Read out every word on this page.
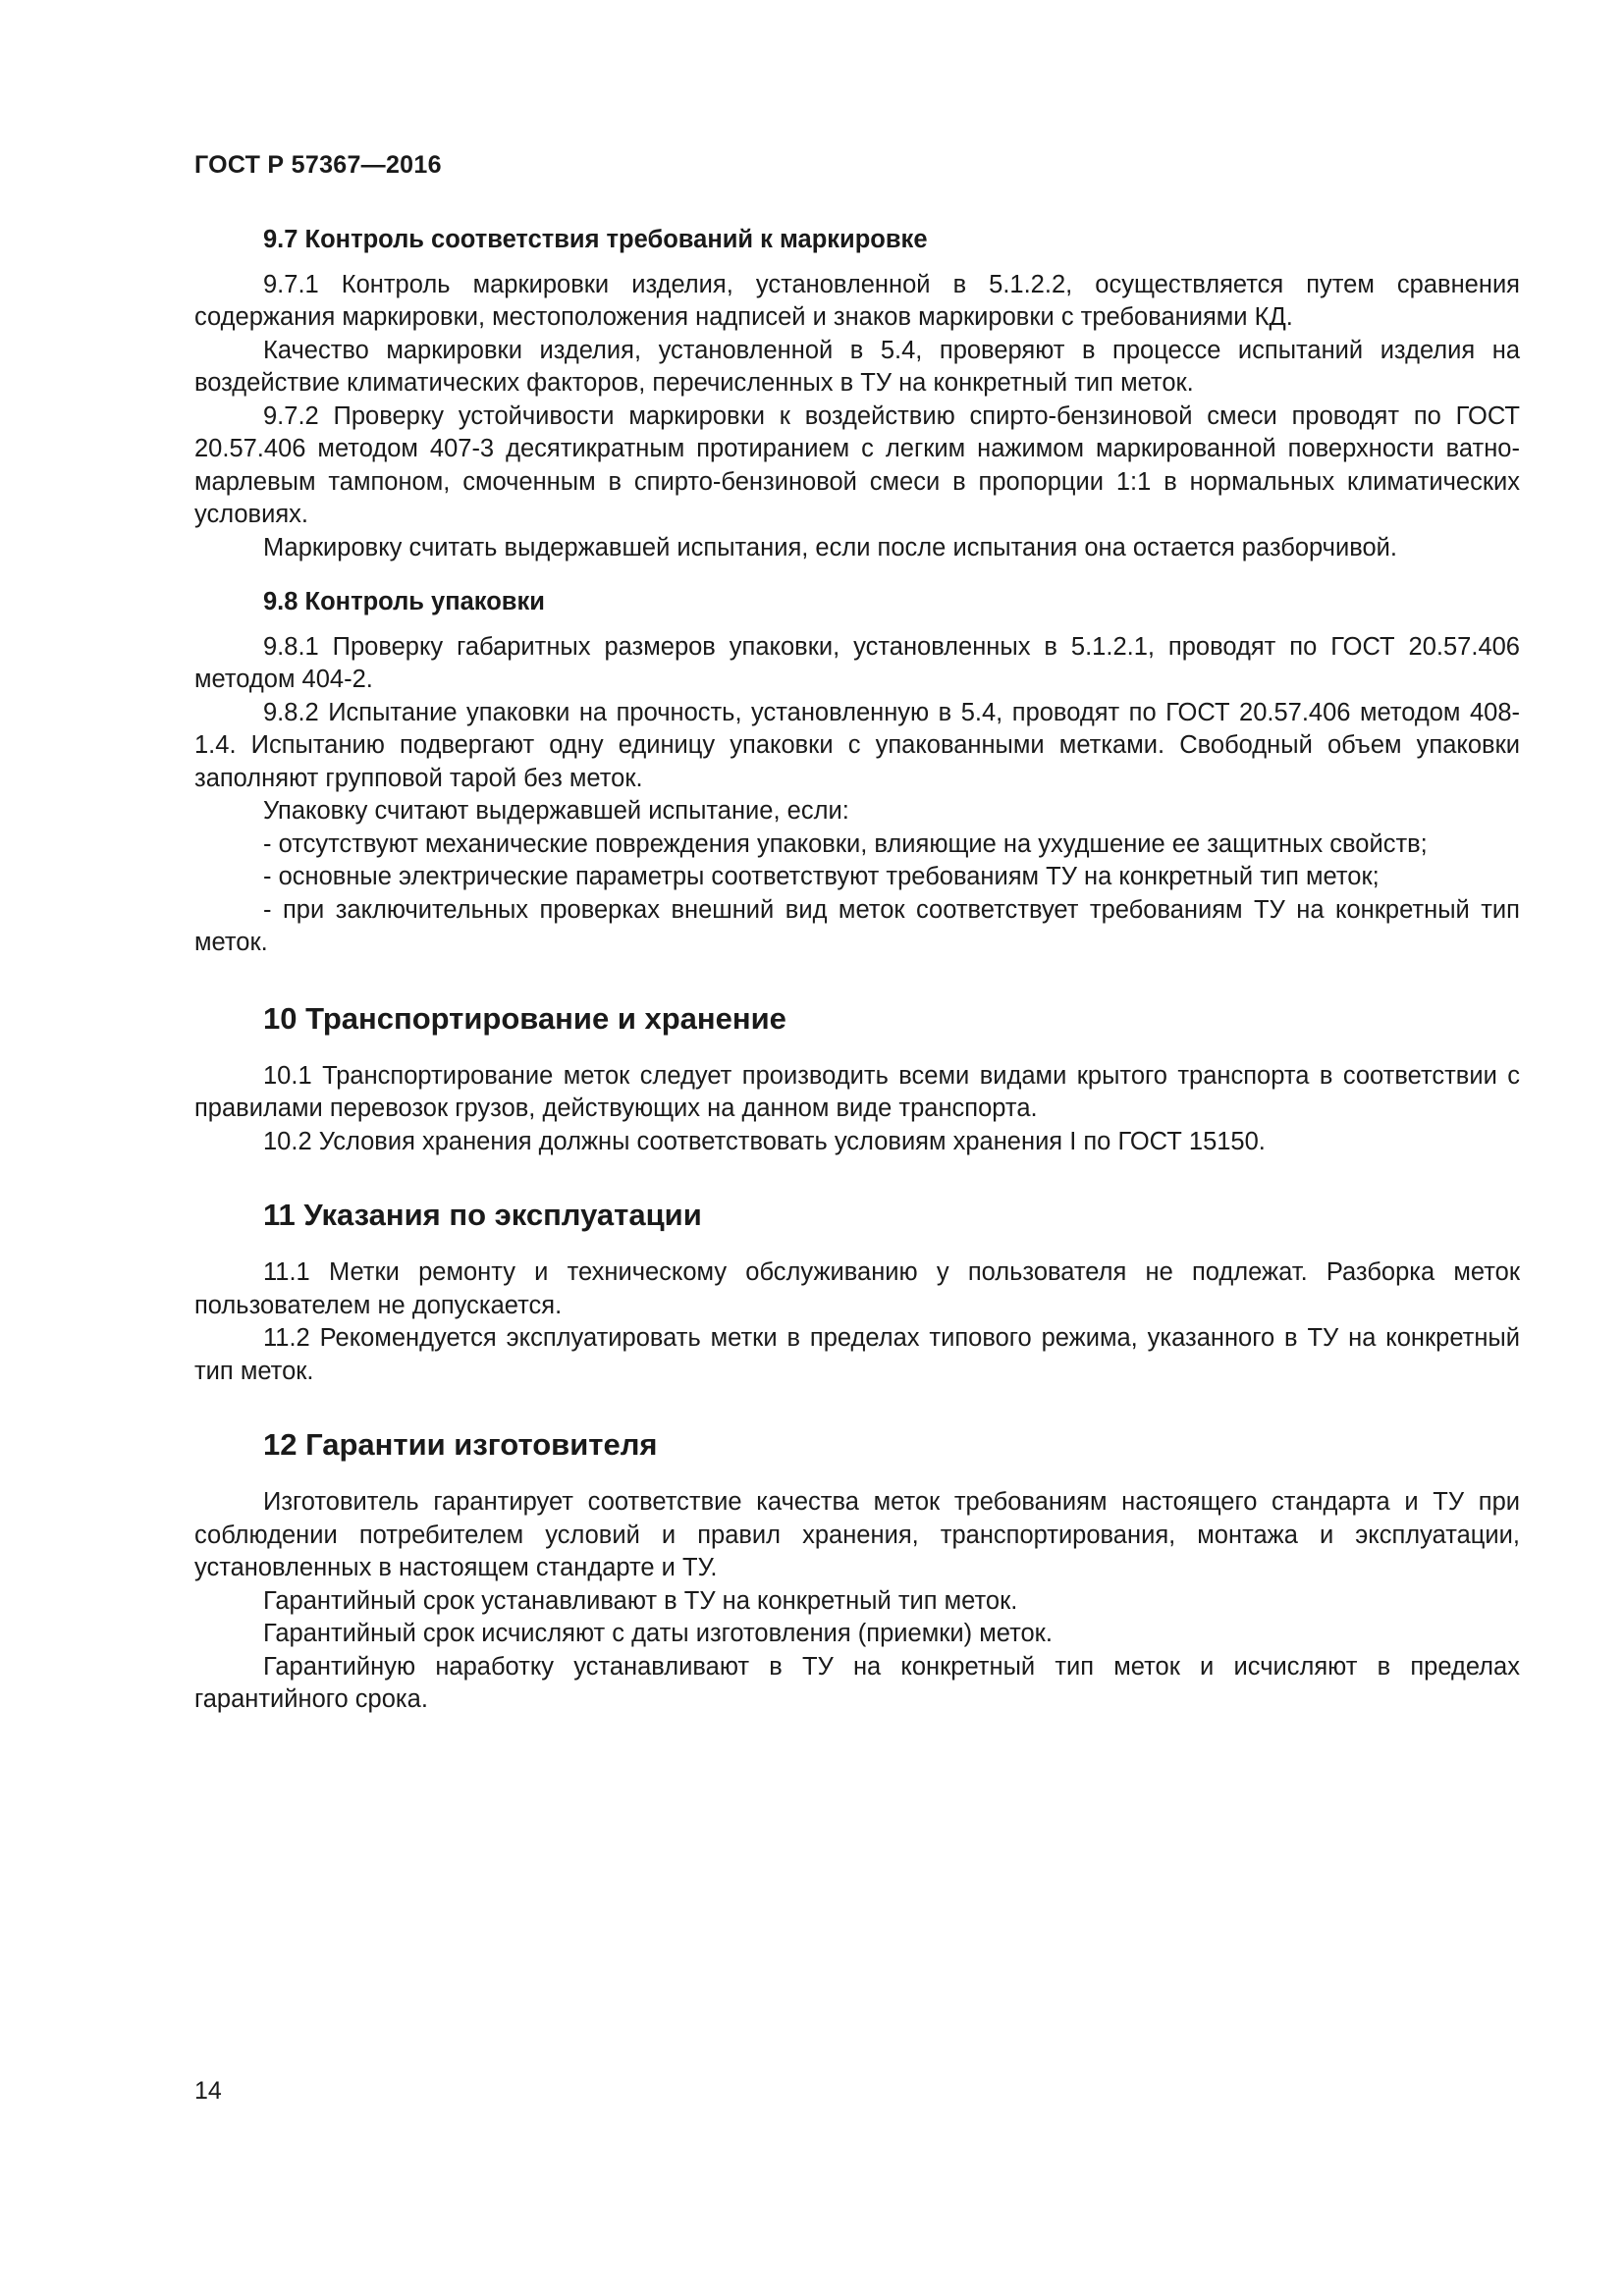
ГОСТ Р 57367—2016
9.7 Контроль соответствия требований к маркировке

9.7.1 Контроль маркировки изделия, установленной в 5.1.2.2, осуществляется путем сравнения содержания маркировки, местоположения надписей и знаков маркировки с требованиями КД.

Качество маркировки изделия, установленной в 5.4, проверяют в процессе испытаний изделия на воздействие климатических факторов, перечисленных в ТУ на конкретный тип меток.

9.7.2 Проверку устойчивости маркировки к воздействию спирто-бензиновой смеси проводят по ГОСТ 20.57.406 методом 407-3 десятикратным протиранием с легким нажимом маркированной поверхности ватно-марлевым тампоном, смоченным в спирто-бензиновой смеси в пропорции 1:1 в нормальных климатических условиях.

Маркировку считать выдержавшей испытания, если после испытания она остается разборчивой.

9.8 Контроль упаковки

9.8.1 Проверку габаритных размеров упаковки, установленных в 5.1.2.1, проводят по ГОСТ 20.57.406 методом 404-2.

9.8.2 Испытание упаковки на прочность, установленную в 5.4, проводят по ГОСТ 20.57.406 методом 408-1.4. Испытанию подвергают одну единицу упаковки с упакованными метками. Свободный объем упаковки заполняют групповой тарой без меток.

Упаковку считают выдержавшей испытание, если:

- отсутствуют механические повреждения упаковки, влияющие на ухудшение ее защитных свойств;

- основные электрические параметры соответствуют требованиям ТУ на конкретный тип меток;

- при заключительных проверках внешний вид меток соответствует требованиям ТУ на конкретный тип меток.

10 Транспортирование и хранение

10.1 Транспортирование меток следует производить всеми видами крытого транспорта в соответствии с правилами перевозок грузов, действующих на данном виде транспорта.

10.2 Условия хранения должны соответствовать условиям хранения I по ГОСТ 15150.

11 Указания по эксплуатации

11.1 Метки ремонту и техническому обслуживанию у пользователя не подлежат. Разборка меток пользователем не допускается.

11.2 Рекомендуется эксплуатировать метки в пределах типового режима, указанного в ТУ на конкретный тип меток.

12 Гарантии изготовителя

Изготовитель гарантирует соответствие качества меток требованиям настоящего стандарта и ТУ при соблюдении потребителем условий и правил хранения, транспортирования, монтажа и эксплуатации, установленных в настоящем стандарте и ТУ.

Гарантийный срок устанавливают в ТУ на конкретный тип меток.

Гарантийный срок исчисляют с даты изготовления (приемки) меток.

Гарантийную наработку устанавливают в ТУ на конкретный тип меток и исчисляют в пределах гарантийного срока.

14
